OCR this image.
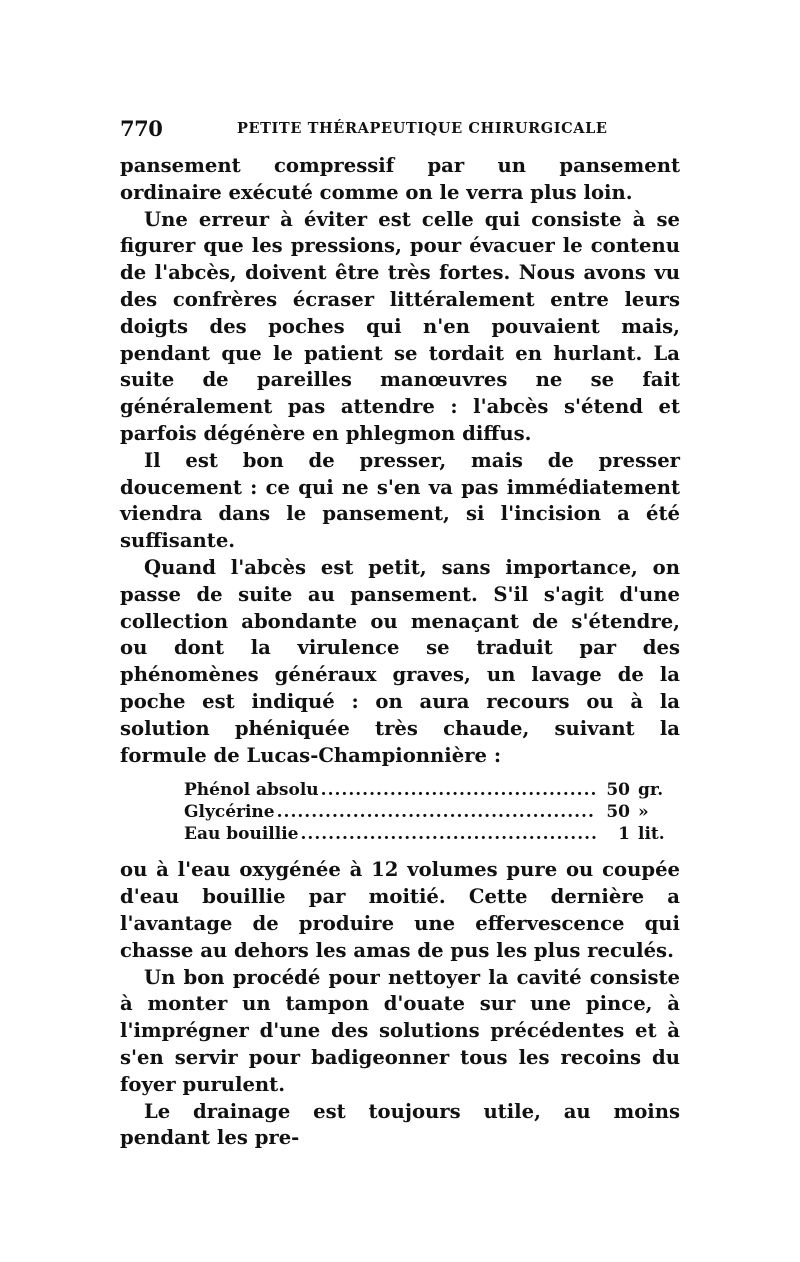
770	PETITE THÉRAPEUTIQUE CHIRURGICALE

pansement compressif par un pansement ordinaire exécuté comme on le verra plus loin.

Une erreur à éviter est celle qui consiste à se figurer que les pressions, pour évacuer le contenu de l'abcès, doivent être très fortes. Nous avons vu des confrères écraser littéralement entre leurs doigts des poches qui n'en pouvaient mais, pendant que le patient se tordait en hurlant. La suite de pareilles manœuvres ne se fait généralement pas attendre : l'abcès s'étend et parfois dégénère en phlegmon diffus.

Il est bon de presser, mais de presser doucement : ce qui ne s'en va pas immédiatement viendra dans le pansement, si l'incision a été suffisante.

Quand l'abcès est petit, sans importance, on passe de suite au pansement. S'il s'agit d'une collection abondante ou menaçant de s'étendre, ou dont la virulence se traduit par des phénomènes généraux graves, un lavage de la poche est indiqué : on aura recours ou à la solution phéniquée très chaude, suivant la formule de Lucas-Championnière :

Phénol absolu .....	50 gr.
Glycérine .....	50 »
Eau bouillie .....	1 lit.

ou à l'eau oxygénée à 12 volumes pure ou coupée d'eau bouillie par moitié. Cette dernière a l'avantage de produire une effervescence qui chasse au dehors les amas de pus les plus reculés.

Un bon procédé pour nettoyer la cavité consiste à monter un tampon d'ouate sur une pince, à l'imprégner d'une des solutions précédentes et à s'en servir pour badigeonner tous les recoins du foyer purulent.

Le drainage est toujours utile, au moins pendant les pre-
